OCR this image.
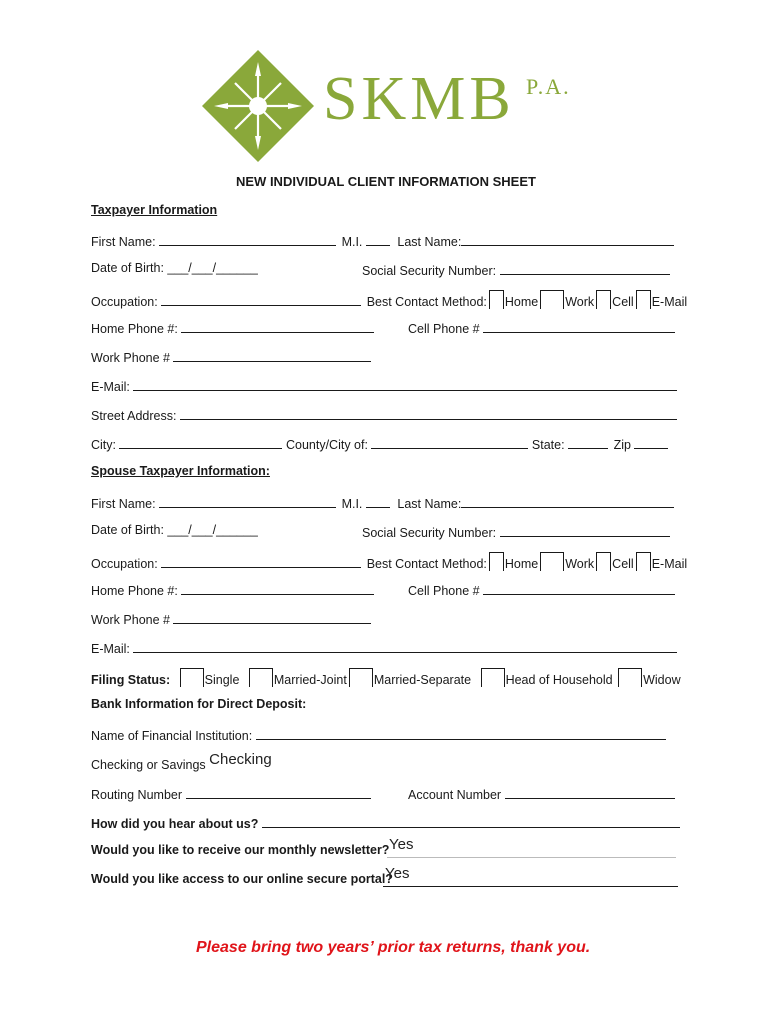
SKMB P.A.
NEW INDIVIDUAL CLIENT INFORMATION SHEET
Taxpayer Information
First Name:	M.I.	Last Name:
Date of Birth: ___/___/______	Social Security Number:
Occupation:	Best Contact Method: Home Work Cell E-Mail
Home Phone #:	Cell Phone #
Work Phone #
E-Mail:
Street Address:
City:	County/City of:	State:	Zip
Spouse Taxpayer Information:
First Name:	M.I.	Last Name:
Date of Birth: ___/___/______	Social Security Number:
Occupation:	Best Contact Method: Home Work Cell E-Mail
Home Phone #:	Cell Phone #
Work Phone #
E-Mail:
Filing Status:	Single	Married-Joint Married-Separate	Head of Household Widow
Bank Information for Direct Deposit:
Name of Financial Institution:
Checking or Savings Checking
Routing Number	Account Number
How did you hear about us?
Would you like to receive our monthly newsletter? Yes
Would you like access to our online secure portal?
Yes
Please bring two years’ prior tax returns, thank you.
